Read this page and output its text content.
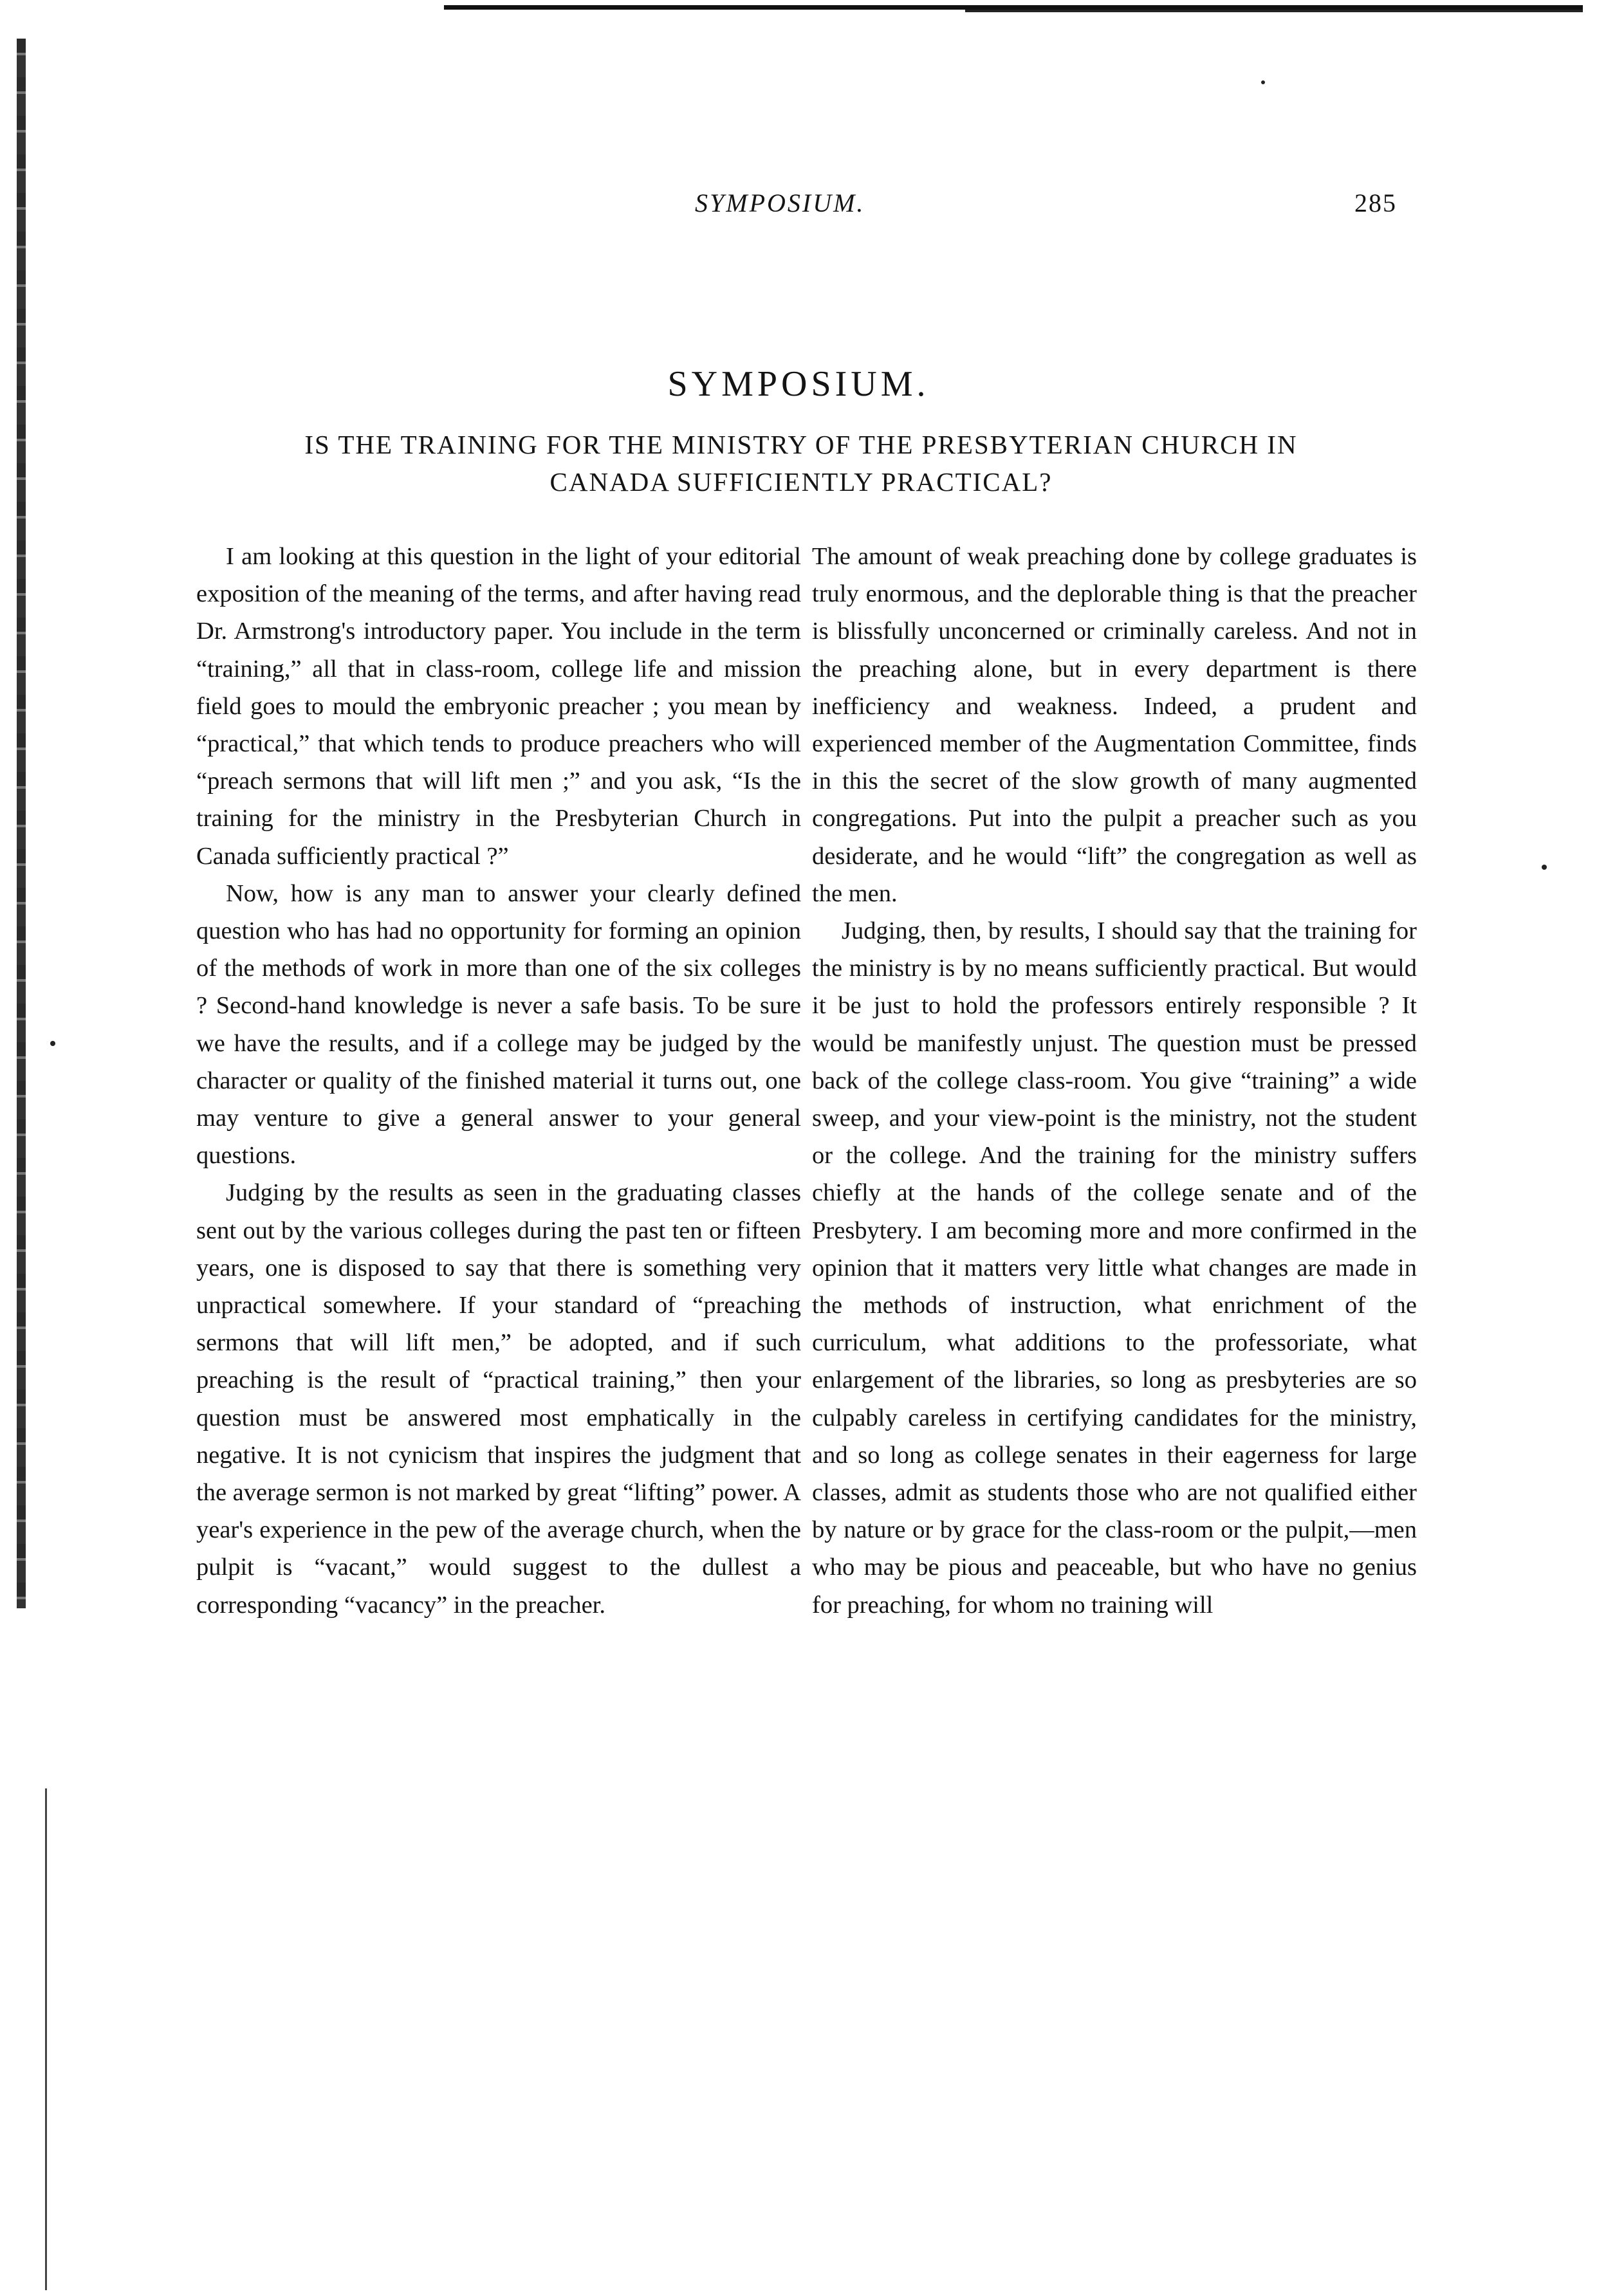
SYMPOSIUM.	285
SYMPOSIUM.
IS THE TRAINING FOR THE MINISTRY OF THE PRESBYTERIAN CHURCH IN
CANADA SUFFICIENTLY PRACTICAL?

I am looking at this question in the light of your editorial exposition of the meaning of the terms, and after having read Dr. Armstrong's introductory paper. You include in the term “training,” all that in class-room, college life and mission field goes to mould the embryonic preacher ; you mean by “practical,” that which tends to produce preachers who will “preach sermons that will lift men ;” and you ask, “Is the training for the ministry in the Presbyterian Church in Canada sufficiently practical ?”

Now, how is any man to answer your clearly defined question who has had no opportunity for forming an opinion of the methods of work in more than one of the six colleges ? Second-hand knowledge is never a safe basis. To be sure we have the results, and if a college may be judged by the character or quality of the finished material it turns out, one may venture to give a general answer to your general questions.

Judging by the results as seen in the graduating classes sent out by the various colleges during the past ten or fifteen years, one is disposed to say that there is something very unpractical somewhere. If your standard of “preaching sermons that will lift men,” be adopted, and if such preaching is the result of “practical training,” then your question must be answered most emphatically in the negative. It is not cynicism that inspires the judgment that the average sermon is not marked by great “lifting” power. A year's experience in the pew of the average church, when the pulpit is “vacant,” would suggest to the dullest a corresponding “vacancy” in the preacher.

The amount of weak preaching done by college graduates is truly enormous, and the deplorable thing is that the preacher is blissfully unconcerned or criminally careless. And not in the preaching alone, but in every department is there inefficiency and weakness. Indeed, a prudent and experienced member of the Augmentation Committee, finds in this the secret of the slow growth of many augmented congregations. Put into the pulpit a preacher such as you desiderate, and he would “lift” the congregation as well as the men.

Judging, then, by results, I should say that the training for the ministry is by no means sufficiently practical. But would it be just to hold the professors entirely responsible ? It would be manifestly unjust. The question must be pressed back of the college class-room. You give “training” a wide sweep, and your view-point is the ministry, not the student or the college. And the training for the ministry suffers chiefly at the hands of the college senate and of the Presbytery. I am becoming more and more confirmed in the opinion that it matters very little what changes are made in the methods of instruction, what enrichment of the curriculum, what additions to the professoriate, what enlargement of the libraries, so long as presbyteries are so culpably careless in certifying candidates for the ministry, and so long as college senates in their eagerness for large classes, admit as students those who are not qualified either by nature or by grace for the class-room or the pulpit,—men who may be pious and peaceable, but who have no genius for preaching, for whom no training will
